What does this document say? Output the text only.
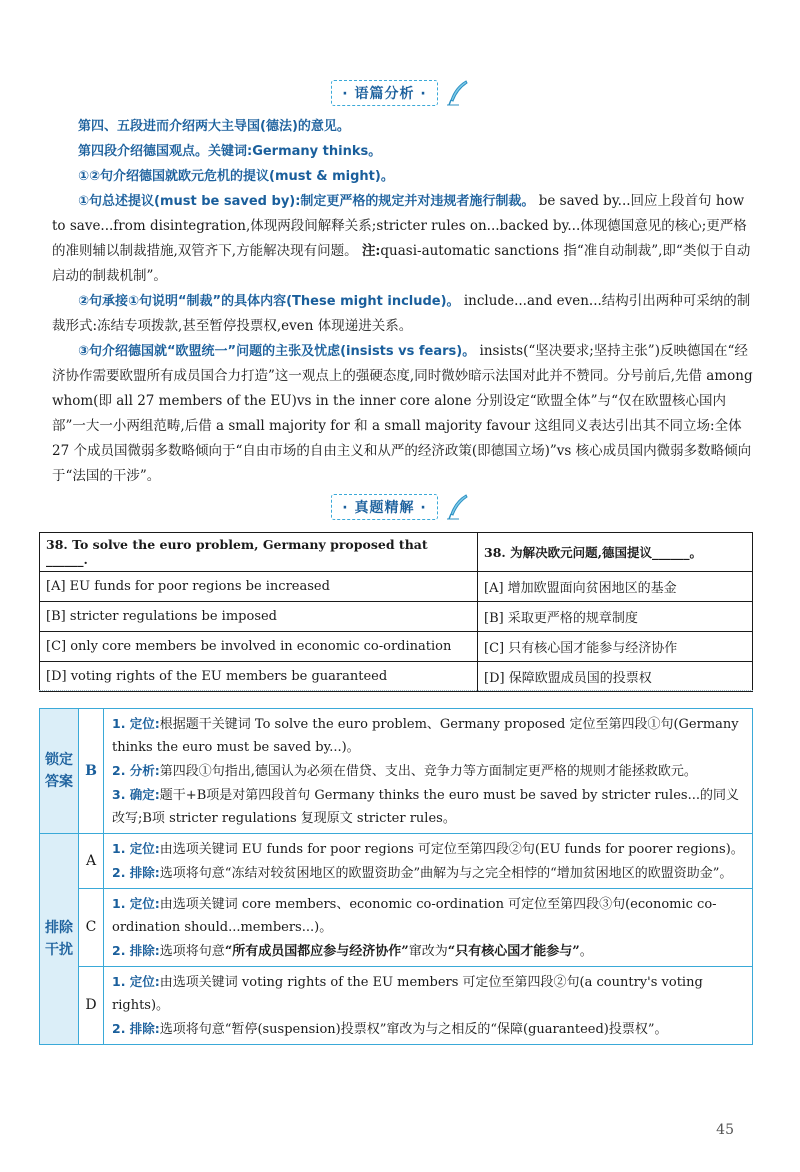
· 语篇分析 ·

第四、五段进而介绍两大主导国(德法)的意见。

第四段介绍德国观点。关键词:Germany thinks。

①②句介绍德国就欧元危机的提议(must & might)。

①句总述提议(must be saved by):制定更严格的规定并对违规者施行制裁。 be saved by...回应上段首句 how to save...from disintegration,体现两段间解释关系;stricter rules on...backed by...体现德国意见的核心;更严格的准则辅以制裁措施,双管齐下,方能解决现有问题。 注:quasi-automatic sanctions 指“准自动制裁”,即“类似于自动启动的制裁机制”。

②句承接①句说明“制裁”的具体内容(These might include)。 include...and even...结构引出两种可采纳的制裁形式:冻结专项拨款,甚至暂停投票权,even 体现递进关系。

③句介绍德国就“欧盟统一”问题的主张及忧虑(insists vs fears)。 insists(“坚决要求;坚持主张”)反映德国在“经济协作需要欧盟所有成员国合力打造”这一观点上的强硬态度,同时微妙暗示法国对此并不赞同。分号前后,先借 among whom(即 all 27 members of the EU)vs in the inner core alone 分别设定“欧盟全体”与“仅在欧盟核心国内部”一大一小两组范畴,后借 a small majority for 和 a small majority favour 这组同义表达引出其不同立场:全体 27 个成员国微弱多数略倾向于“自由市场的自由主义和从严的经济政策(即德国立场)”vs 核心成员国内微弱多数略倾向于“法国的干涉”。

· 真题精解 ·
38. To solve the euro problem, Germany proposed that ______.	38. 为解决欧元问题,德国提议______。
[A] EU funds for poor regions be increased	[A] 增加欧盟面向贫困地区的基金
[B] stricter regulations be imposed	[B] 采取更严格的规章制度
[C] only core members be involved in economic co-ordination	[C] 只有核心国才能参与经济协作
[D] voting rights of the EU members be guaranteed	[D] 保障欧盟成员国的投票权
锁定答案	B	1. 定位:根据题干关键词 To solve the euro problem、Germany proposed 定位至第四段①句(Germany thinks the euro must be saved by...)。
2. 分析:第四段①句指出,德国认为必须在借贷、支出、竞争力等方面制定更严格的规则才能拯救欧元。
3. 确定:题干+B项是对第四段首句 Germany thinks the euro must be saved by stricter rules...的同义改写;B项 stricter regulations 复现原文 stricter rules。

排除干扰	A	1. 定位:由选项关键词 EU funds for poor regions 可定位至第四段②句(EU funds for poorer regions)。
2. 排除:选项将句意“冻结对较贫困地区的欧盟资助金”曲解为与之完全相悖的“增加贫困地区的欧盟资助金”。

	C	1. 定位:由选项关键词 core members、economic co-ordination 可定位至第四段③句(economic co-ordination should...members...)。
2. 排除:选项将句意“所有成员国都应参与经济协作”窜改为“只有核心国才能参与”。

	D	1. 定位:由选项关键词 voting rights of the EU members 可定位至第四段②句(a country's voting rights)。
2. 排除:选项将句意“暂停(suspension)投票权”窜改为与之相反的“保障(guaranteed)投票权”。
45
